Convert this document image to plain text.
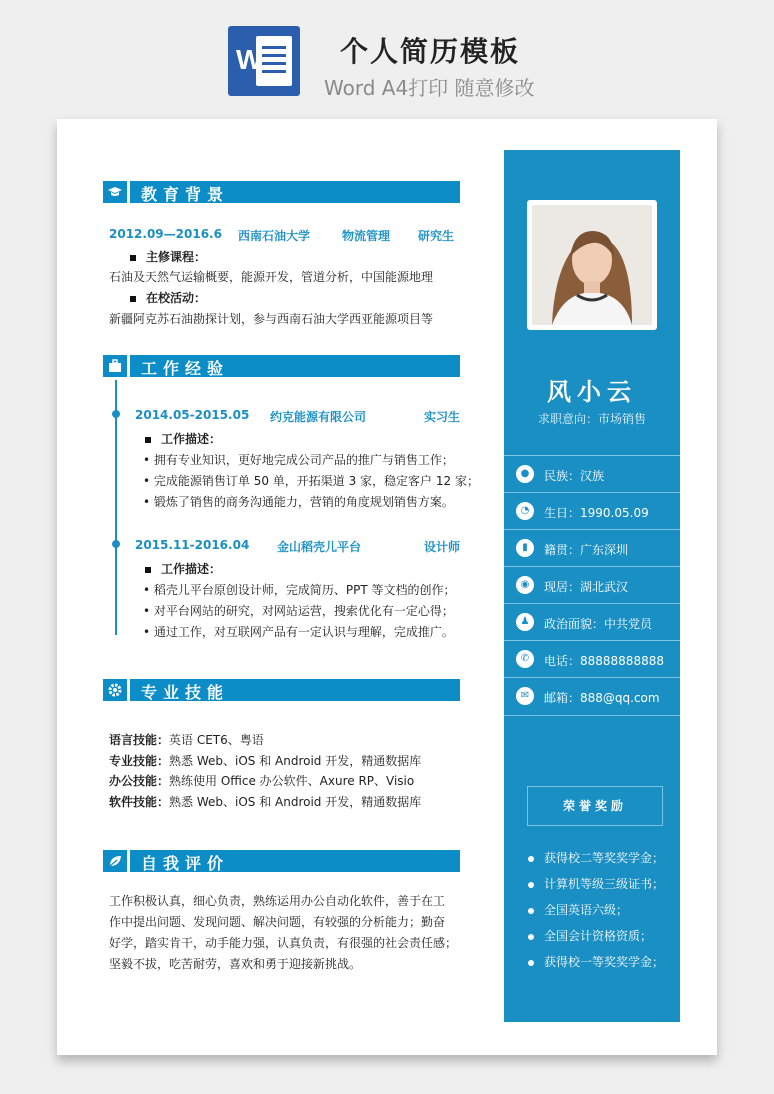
W	个人简历模板
Word A4打印 随意修改
教育背景
2012.09—2016.6 西南石油大学	物流管理 研究生
主修课程：
石油及天然气运输概要，能源开发，管道分析，中国能源地理
在校活动：
新疆阿克苏石油勘探计划，参与西南石油大学西亚能源项目等
工作经验
2014.05-2015.05 约克能源有限公司	实习生
工作描述：
• 拥有专业知识，更好地完成公司产品的推广与销售工作；
• 完成能源销售订单 50 单，开拓渠道 3 家，稳定客户 12 家；
• 锻炼了销售的商务沟通能力，营销的角度规划销售方案。
2015.11-2016.04 金山稻壳儿平台	设计师
工作描述：
• 稻壳儿平台原创设计师，完成简历、PPT 等文档的创作；
• 对平台网站的研究，对网站运营，搜索优化有一定心得；
• 通过工作，对互联网产品有一定认识与理解，完成推广。
专业技能
语言技能：英语 CET6、粤语
专业技能：熟悉 Web、iOS 和 Android 开发，精通数据库
办公技能：熟练使用 Office 办公软件、Axure RP、Visio
软件技能：熟悉 Web、iOS 和 Android 开发，精通数据库
自我评价
工作积极认真，细心负责，熟练运用办公自动化软件，善于在工
作中提出问题、发现问题、解决问题，有较强的分析能力；勤奋
好学，踏实肯干，动手能力强，认真负责，有很强的社会责任感；
坚毅不拔，吃苦耐劳，喜欢和勇于迎接新挑战。
风小云
求职意向：市场销售
●	民族：汉族
◔	生日：1990.05.09
▮	籍贯：广东深圳
◉	现居：湖北武汉
♟	政治面貌：中共党员
✆	电话：88888888888
✉	邮箱：888@qq.com
荣誉奖励
获得校二等奖奖学金；
计算机等级三级证书；
全国英语六级；
全国会计资格资质；
获得校一等奖奖学金；
